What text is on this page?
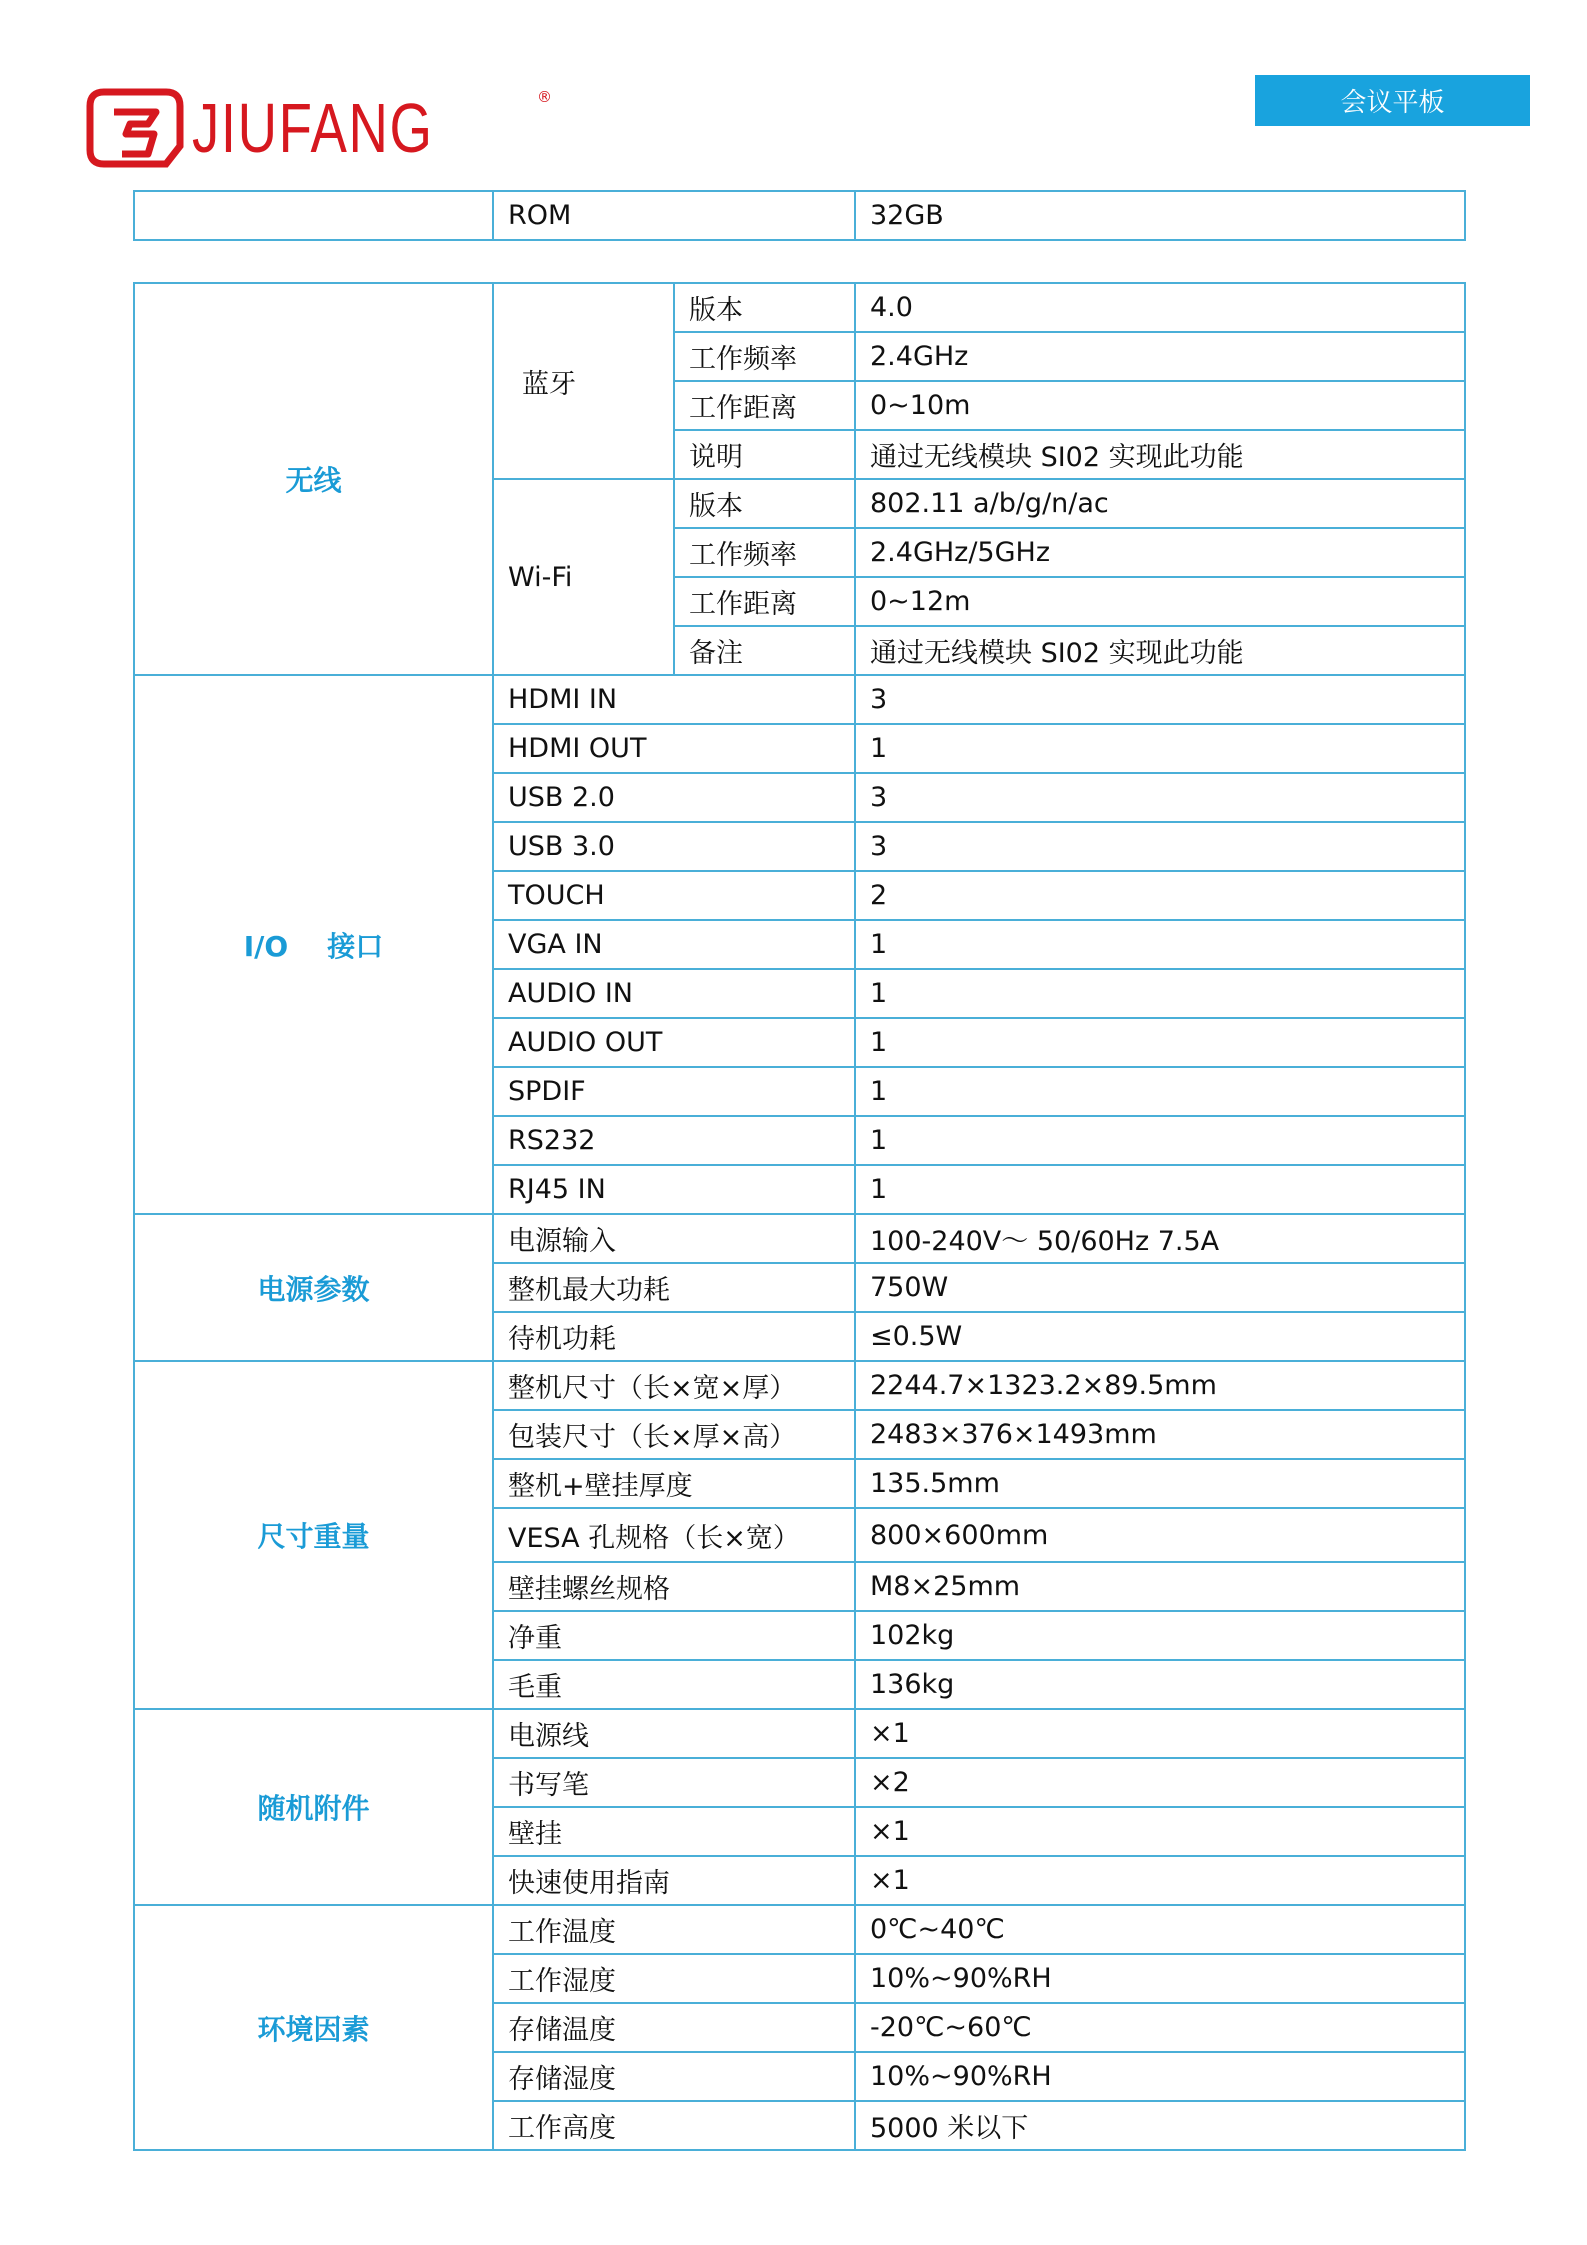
JIUFANG	®	会议平板
	ROM	32GB
无线	蓝牙	版本	4.0
		工作频率	2.4GHz
		工作距离	0~10m
		说明	通过无线模块 SI02 实现此功能
	Wi-Fi	版本	802.11 a/b/g/n/ac
		工作频率	2.4GHz/5GHz
		工作距离	0~12m
		备注	通过无线模块 SI02 实现此功能
I/O    接口	HDMI IN		3
	HDMI OUT		1
	USB 2.0		3
	USB 3.0		3
	TOUCH		2
	VGA IN		1
	AUDIO IN		1
	AUDIO OUT		1
	SPDIF		1
	RS232		1
	RJ45 IN		1
电源参数	电源输入		100-240V～ 50/60Hz 7.5A
	整机最大功耗		750W
	待机功耗		≤0.5W
尺寸重量	整机尺寸（长×宽×厚）		2244.7×1323.2×89.5mm
	包装尺寸（长×厚×高）		2483×376×1493mm
	整机+壁挂厚度		135.5mm
	VESA 孔规格（长×宽）		800×600mm
	壁挂螺丝规格		M8×25mm
	净重		102kg
	毛重		136kg
随机附件	电源线		×1
	书写笔		×2
	壁挂		×1
	快速使用指南		×1
环境因素	工作温度		0℃~40℃
	工作湿度		10%~90%RH
	存储温度		-20℃~60℃
	存储湿度		10%~90%RH
	工作高度		5000 米以下
